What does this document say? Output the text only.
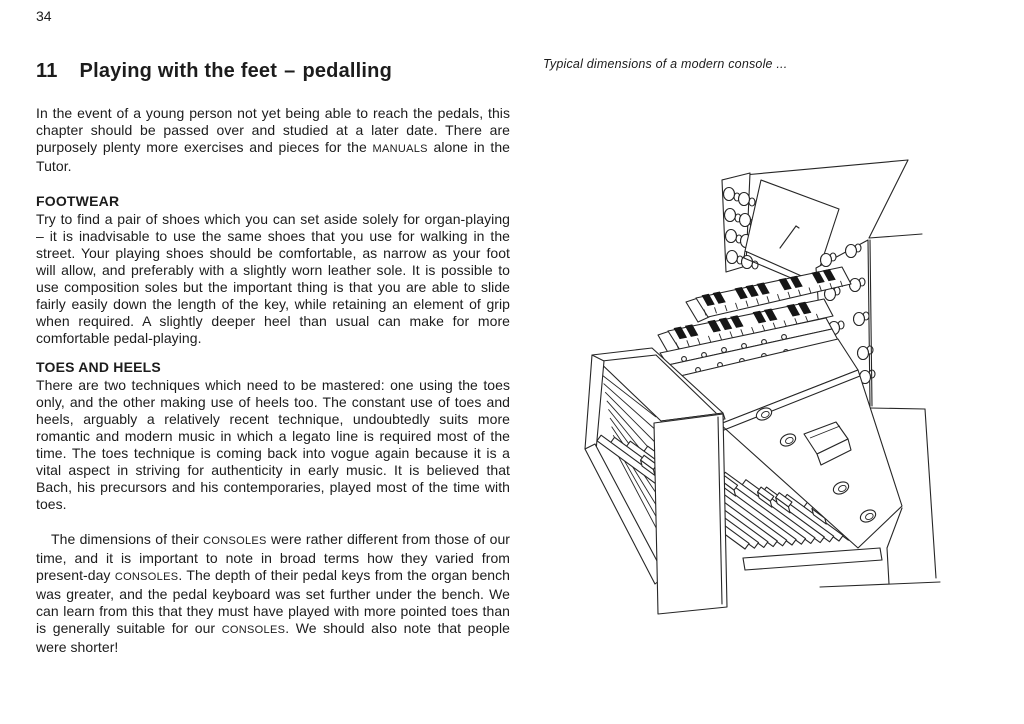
34
11 Playing with the feet – pedalling

In the event of a young person not yet being able to reach the pedals, this chapter should be passed over and studied at a later date. There are purposely plenty more exercises and pieces for the MANUALS alone in the Tutor.

FOOTWEAR

Try to find a pair of shoes which you can set aside solely for organ-playing – it is inadvisable to use the same shoes that you use for walking in the street. Your playing shoes should be comfortable, as narrow as your foot will allow, and preferably with a slightly worn leather sole. It is possible to use composition soles but the important thing is that you are able to slide fairly easily down the length of the key, while retaining an element of grip when required. A slightly deeper heel than usual can make for more comfortable pedal-playing.

TOES AND HEELS

There are two techniques which need to be mastered: one using the toes only, and the other making use of heels too. The constant use of toes and heels, arguably a relatively recent technique, undoubtedly suits more romantic and modern music in which a legato line is required most of the time. The toes technique is coming back into vogue again because it is a vital aspect in striving for authenticity in early music. It is believed that Bach, his precursors and his contemporaries, played most of the time with toes.

The dimensions of their CONSOLES were rather different from those of our time, and it is important to note in broad terms how they varied from present-day CONSOLES. The depth of their pedal keys from the organ bench was greater, and the pedal keyboard was set further under the bench. We can learn from this that they must have played with more pointed toes than is generally suitable for our CONSOLES. We should also note that people were shorter!

Typical dimensions of a modern console ...
